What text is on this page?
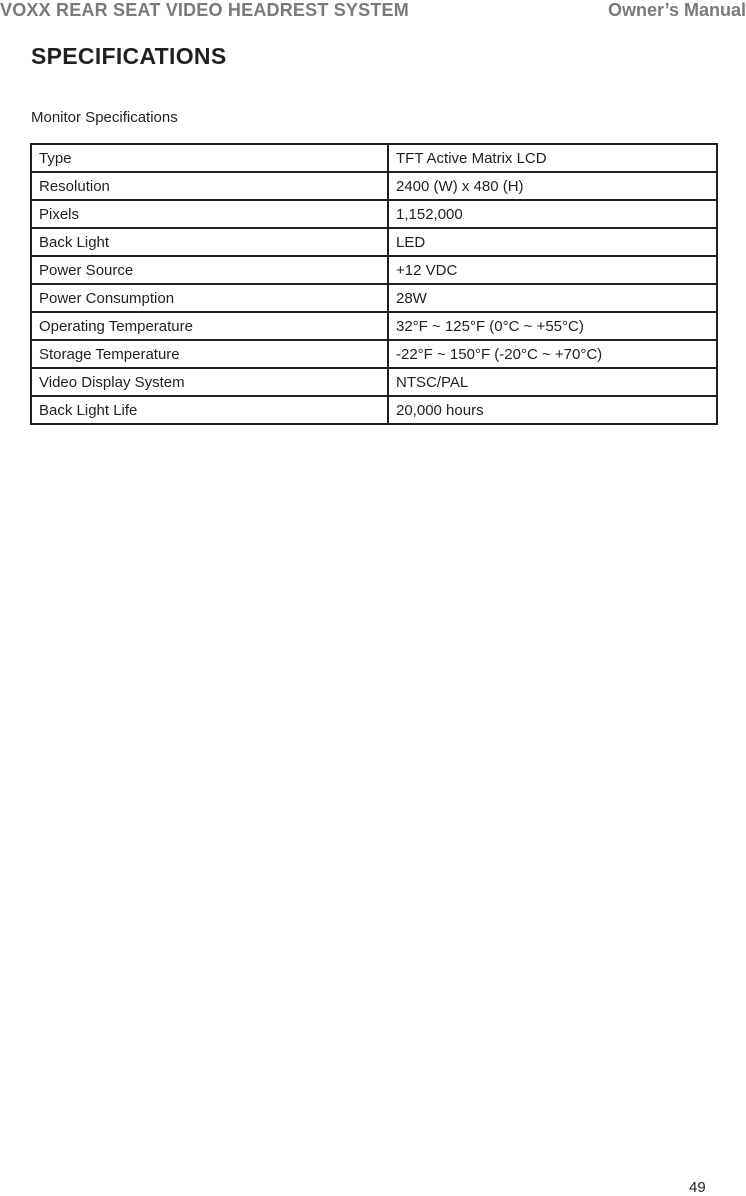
VOXX REAR SEAT VIDEO HEADREST SYSTEM	Owner’s Manual
SPECIFICATIONS

Monitor Specifications

Type	TFT Active Matrix LCD
Resolution	2400 (W) x 480 (H)
Pixels	1,152,000
Back Light	LED
Power Source	+12 VDC
Power Consumption	28W
Operating Temperature	32°F ~ 125°F (0°C ~ +55°C)
Storage Temperature	-22°F ~ 150°F (-20°C ~ +70°C)
Video Display System	NTSC/PAL
Back Light Life	20,000 hours
49
